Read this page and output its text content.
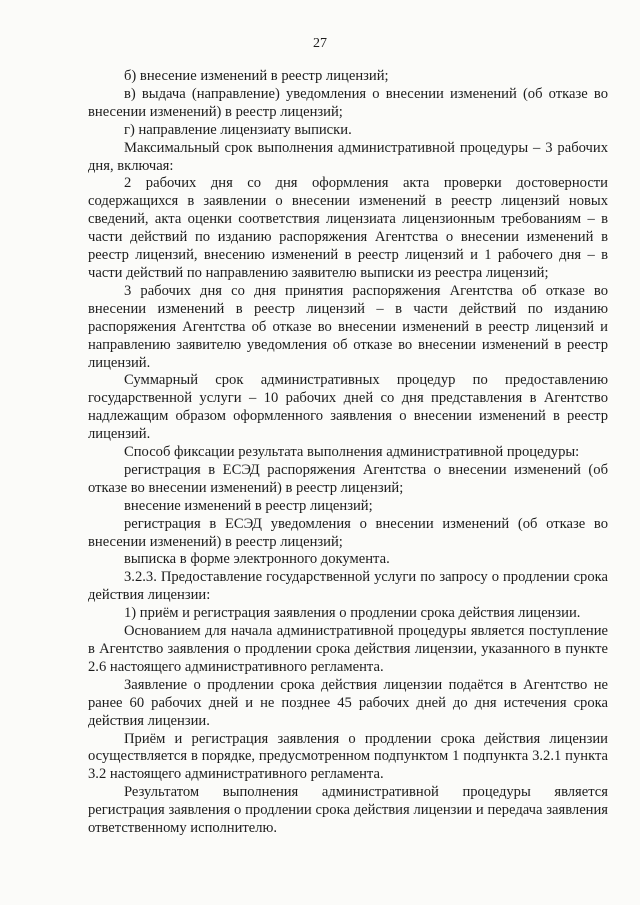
27

б) внесение изменений в реестр лицензий;

в) выдача (направление) уведомления о внесении изменений (об отказе во внесении изменений) в реестр лицензий;

г) направление лицензиату выписки.

Максимальный срок выполнения административной процедуры – 3 рабочих дня, включая:

2 рабочих дня со дня оформления акта проверки достоверности содержащихся в заявлении о внесении изменений в реестр лицензий новых сведений, акта оценки соответствия лицензиата лицензионным требованиям – в части действий по изданию распоряжения Агентства о внесении изменений в реестр лицензий, внесению изменений в реестр лицензий и 1 рабочего дня – в части действий по направлению заявителю выписки из реестра лицензий;

3 рабочих дня со дня принятия распоряжения Агентства об отказе во внесении изменений в реестр лицензий – в части действий по изданию распоряжения Агентства об отказе во внесении изменений в реестр лицензий и направлению заявителю уведомления об отказе во внесении изменений в реестр лицензий.

Суммарный срок административных процедур по предоставлению государственной услуги – 10 рабочих дней со дня представления в Агентство надлежащим образом оформленного заявления о внесении изменений в реестр лицензий.

Способ фиксации результата выполнения административной процедуры:

регистрация в ЕСЭД распоряжения Агентства о внесении изменений (об отказе во внесении изменений) в реестр лицензий;

внесение изменений в реестр лицензий;

регистрация в ЕСЭД уведомления о внесении изменений (об отказе во внесении изменений) в реестр лицензий;

выписка в форме электронного документа.

3.2.3. Предоставление государственной услуги по запросу о продлении срока действия лицензии:

1) приём и регистрация заявления о продлении срока действия лицензии.

Основанием для начала административной процедуры является поступление в Агентство заявления о продлении срока действия лицензии, указанного в пункте 2.6 настоящего административного регламента.

Заявление о продлении срока действия лицензии подаётся в Агентство не ранее 60 рабочих дней и не позднее 45 рабочих дней до дня истечения срока действия лицензии.

Приём и регистрация заявления о продлении срока действия лицензии осуществляется в порядке, предусмотренном подпунктом 1 подпункта 3.2.1 пункта 3.2 настоящего административного регламента.

Результатом выполнения административной процедуры является регистрация заявления о продлении срока действия лицензии и передача заявления ответственному исполнителю.
